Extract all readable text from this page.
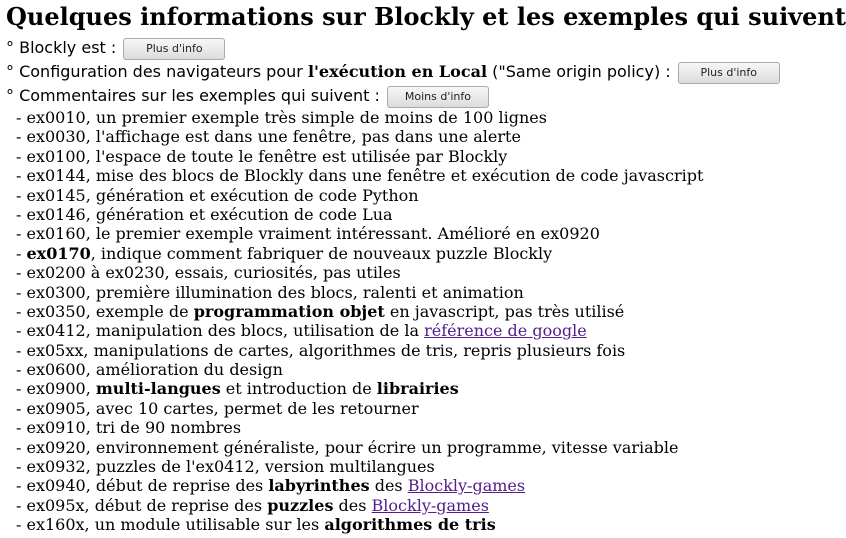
Quelques informations sur Blockly et les exemples qui suivent
° Blockly est : Plus d'info
° Configuration des navigateurs pour l'exécution en Local ("Same origin policy) : Plus d'info
° Commentaires sur les exemples qui suivent : Moins d'info
- ex0010, un premier exemple très simple de moins de 100 lignes
- ex0030, l'affichage est dans une fenêtre, pas dans une alerte
- ex0100, l'espace de toute le fenêtre est utilisée par Blockly
- ex0144, mise des blocs de Blockly dans une fenêtre et exécution de code javascript
- ex0145, génération et exécution de code Python
- ex0146, génération et exécution de code Lua
- ex0160, le premier exemple vraiment intéressant. Amélioré en ex0920
- ex0170, indique comment fabriquer de nouveaux puzzle Blockly
- ex0200 à ex0230, essais, curiosités, pas utiles
- ex0300, première illumination des blocs, ralenti et animation
- ex0350, exemple de programmation objet en javascript, pas très utilisé
- ex0412, manipulation des blocs, utilisation de la référence de google
- ex05xx, manipulations de cartes, algorithmes de tris, repris plusieurs fois
- ex0600, amélioration du design
- ex0900, multi-langues et introduction de librairies
- ex0905, avec 10 cartes, permet de les retourner
- ex0910, tri de 90 nombres
- ex0920, environnement généraliste, pour écrire un programme, vitesse variable
- ex0932, puzzles de l'ex0412, version multilangues
- ex0940, début de reprise des labyrinthes des Blockly-games
- ex095x, début de reprise des puzzles des Blockly-games
- ex160x, un module utilisable sur les algorithmes de tris
